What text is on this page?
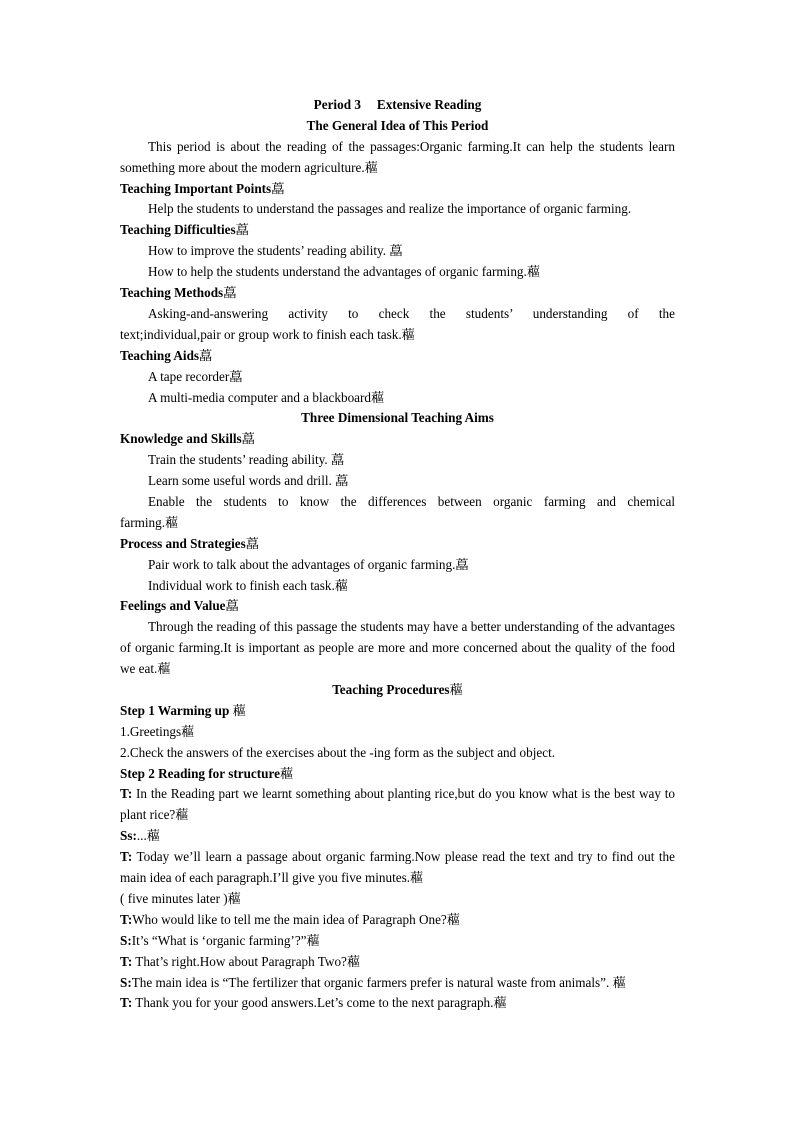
Period 3 Extensive Reading
The General Idea of This Period
This period is about the reading of the passages:Organic farming.It can help the students learn something more about the modern agriculture.藲
Teaching Important Points藠
Help the students to understand the passages and realize the importance of organic farming.
Teaching Difficulties藠
How to improve the students’ reading ability. 藠
How to help the students understand the advantages of organic farming.藲
Teaching Methods藠
Asking-and-answering activity to check the students’ understanding of the
text;individual,pair or group work to finish each task.藲
Teaching Aids藠
A tape recorder藠
A multi-media computer and a blackboard藲
Three Dimensional Teaching Aims
Knowledge and Skills藠
Train the students’ reading ability. 藠
Learn some useful words and drill. 藠
Enable the students to know the differences between organic farming and chemical
farming.藲
Process and Strategies藠
Pair work to talk about the advantages of organic farming.藠
Individual work to finish each task.藲
Feelings and Value藠
Through the reading of this passage the students may have a better understanding of the advantages of organic farming.It is important as people are more and more concerned about the quality of the food we eat.藲
Teaching Procedures藲
Step 1 Warming up 藲
1.Greetings藲
2.Check the answers of the exercises about the -ing form as the subject and object.
Step 2 Reading for structure藲
T: In the Reading part we learnt something about planting rice,but do you know what is the best way to plant rice?藲
Ss:...藲
T: Today we’ll learn a passage about organic farming.Now please read the text and try to find out the main idea of each paragraph.I’ll give you five minutes.藲
( five minutes later )藲
T:Who would like to tell me the main idea of Paragraph One?藲
S:It’s “What is ‘organic farming’?”藲
T: That’s right.How about Paragraph Two?藲
S:The main idea is “The fertilizer that organic farmers prefer is natural waste from animals”. 藲
T: Thank you for your good answers.Let’s come to the next paragraph.藲
